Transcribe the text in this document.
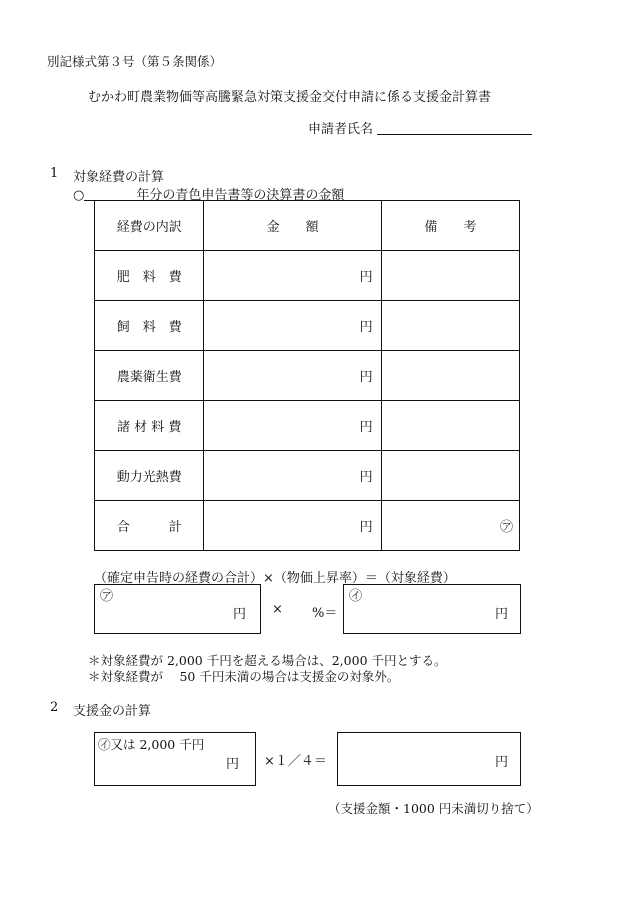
別記様式第３号（第５条関係）
むかわ町農業物価等高騰緊急対策支援金交付申請に係る支援金計算書
申請者氏名
1 対象経費の計算
○	年分の青色申告書等の決算書の金額
経費の内訳	金　　額	備　　考
肥　料　費	円	
飼　料　費	円	
農薬衛生費	円	
諸 材 料 費	円	
動力光熱費	円	
合　　　計	円	㋐
（確定申告時の経費の合計）×（物価上昇率）＝（対象経費）
㋐
円 × %＝
㋑
円
＊対象経費が 2,000 千円を超える場合は、2,000 千円とする。
＊対象経費が　 50 千円未満の場合は支援金の対象外。
2 支援金の計算
㋑又は 2,000 千円
円 ×１／４＝	円
（支援金額・1000 円未満切り捨て）
